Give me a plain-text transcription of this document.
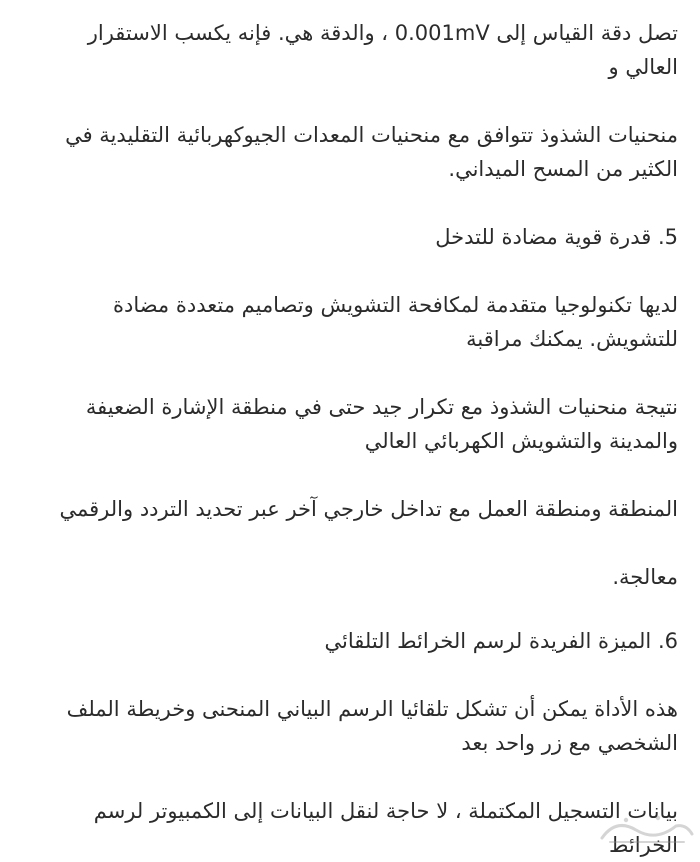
تصل دقة القياس إلى 0.001mV ، والدقة هي. فإنه يكسب الاستقرار العالي و

منحنيات الشذوذ تتوافق مع منحنيات المعدات الجيوكهربائية التقليدية في الكثير من المسح الميداني.

5. قدرة قوية مضادة للتدخل

لديها تكنولوجيا متقدمة لمكافحة التشويش وتصاميم متعددة مضادة للتشويش. يمكنك مراقبة

نتيجة منحنيات الشذوذ مع تكرار جيد حتى في منطقة الإشارة الضعيفة والمدينة والتشويش الكهربائي العالي

المنطقة ومنطقة العمل مع تداخل خارجي آخر عبر تحديد التردد والرقمي

معالجة.

6. الميزة الفريدة لرسم الخرائط التلقائي

هذه الأداة يمكن أن تشكل تلقائيا الرسم البياني المنحنى وخريطة الملف الشخصي مع زر واحد بعد

بيانات التسجيل المكتملة ، لا حاجة لنقل البيانات إلى الكمبيوتر لرسم الخرائط
